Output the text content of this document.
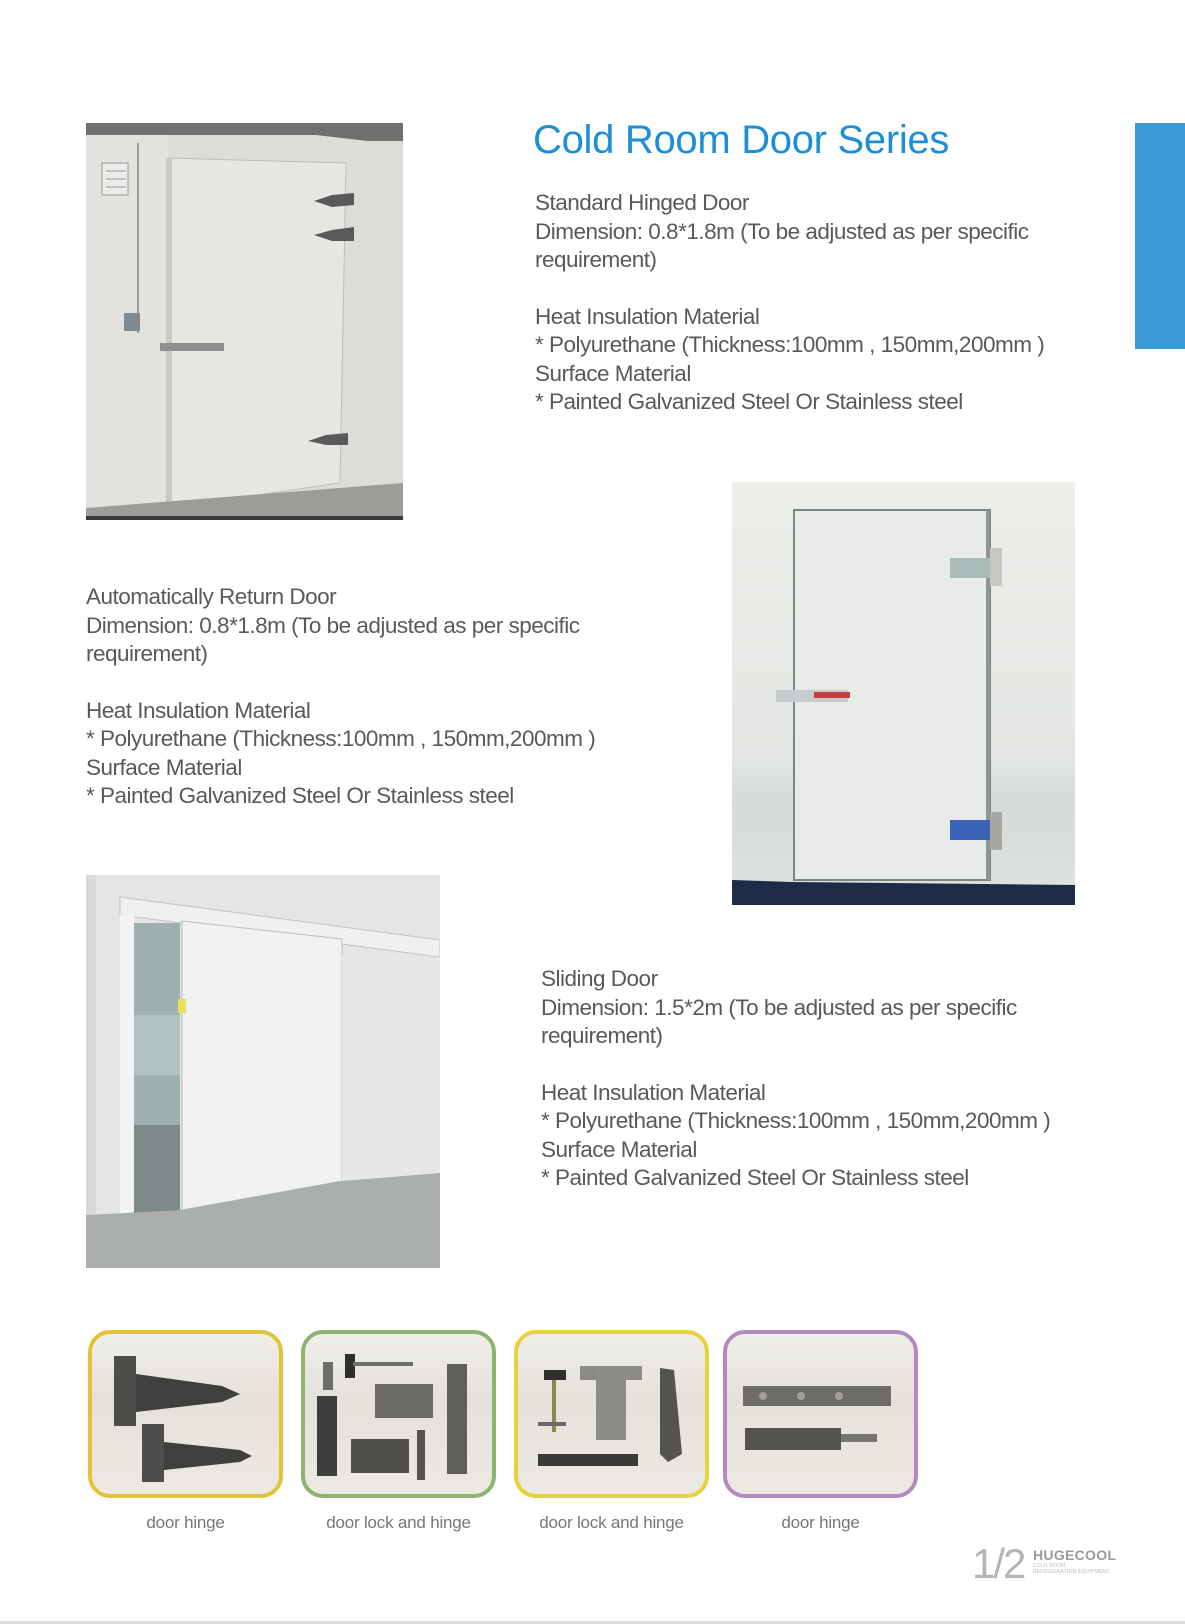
Cold Room Door Series
Standard Hinged Door
Dimension: 0.8*1.8m (To be adjusted as per specific
requirement)
Heat Insulation Material
* Polyurethane (Thickness:100mm , 150mm,200mm )
Surface Material
* Painted Galvanized Steel Or Stainless steel
Automatically Return Door
Dimension: 0.8*1.8m (To be adjusted as per specific
requirement)
Heat Insulation Material
* Polyurethane (Thickness:100mm , 150mm,200mm )
Surface Material
* Painted Galvanized Steel Or Stainless steel
Sliding Door
Dimension: 1.5*2m (To be adjusted as per specific
requirement)
Heat Insulation Material
* Polyurethane (Thickness:100mm , 150mm,200mm )
Surface Material
* Painted Galvanized Steel Or Stainless steel
door hinge	door lock and hinge	door lock and hinge	door hinge
1/2 HUGECOOL
COLD ROOM
REFRIGERATION EQUIPMENT
